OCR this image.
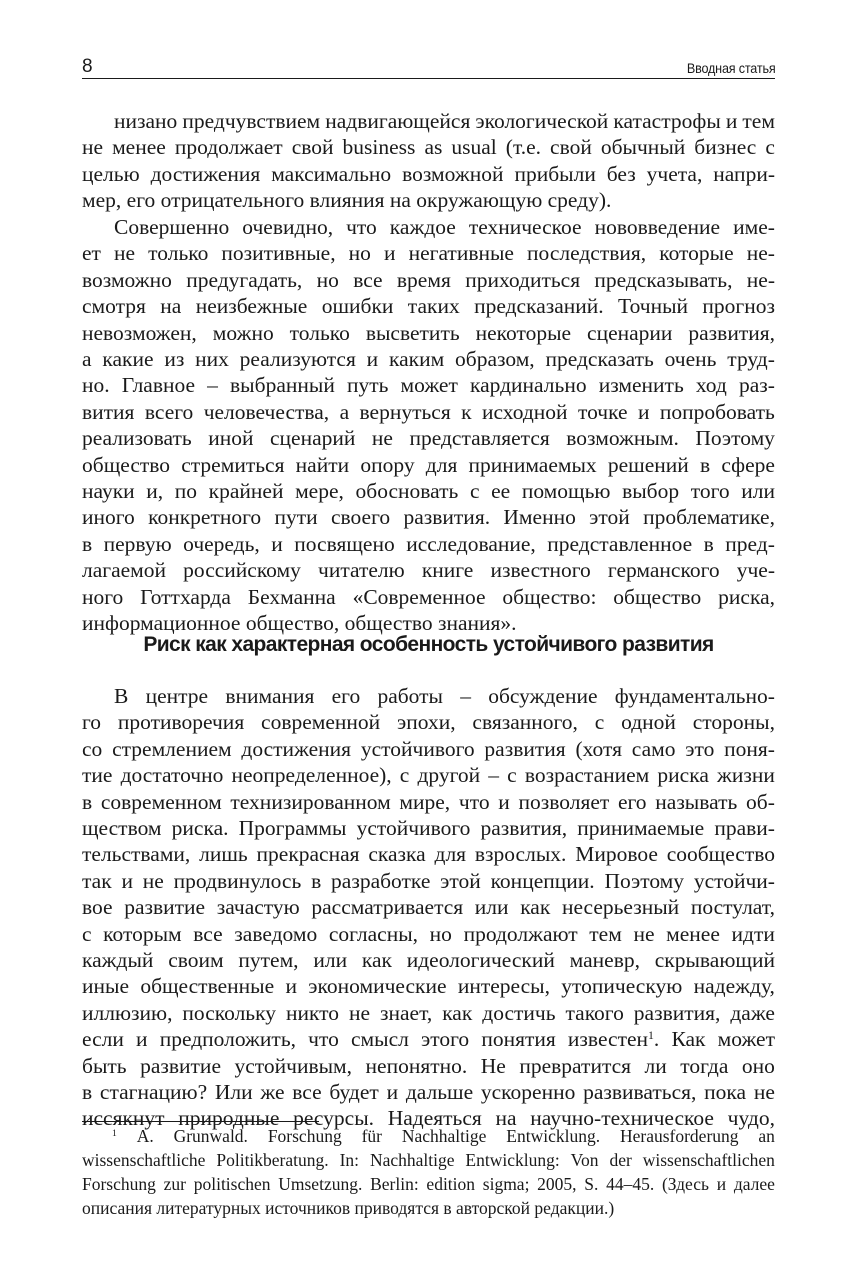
8	Вводная статья
низано предчувствием надвигающейся экологической катастрофы и тем
не менее продолжает свой business as usual (т.е. свой обычный бизнес с
целью достижения максимально возможной прибыли без учета, напри-
мер, его отрицательного влияния на окружающую среду).
Совершенно очевидно, что каждое техническое нововведение име-
ет не только позитивные, но и негативные последствия, которые не-
возможно предугадать, но все время приходиться предсказывать, не-
смотря на неизбежные ошибки таких предсказаний. Точный прогноз
невозможен, можно только высветить некоторые сценарии развития,
а какие из них реализуются и каким образом, предсказать очень труд-
но. Главное – выбранный путь может кардинально изменить ход раз-
вития всего человечества, а вернуться к исходной точке и попробовать
реализовать иной сценарий не представляется возможным. Поэтому
общество стремиться найти опору для принимаемых решений в сфере
науки и, по крайней мере, обосновать с ее помощью выбор того или
иного конкретного пути своего развития. Именно этой проблематике,
в первую очередь, и посвящено исследование, представленное в пред-
лагаемой российскому читателю книге известного германского уче-
ного Готтхарда Бехманна «Современное общество: общество риска,
информационное общество, общество знания».
В центре внимания его работы – обсуждение фундаментально-
го противоречия современной эпохи, связанного, с одной стороны,
со стремлением достижения устойчивого развития (хотя само это поня-
тие достаточно неопределенное), с другой – с возрастанием риска жизни
в современном технизированном мире, что и позволяет его называть об-
ществом риска. Программы устойчивого развития, принимаемые прави-
тельствами, лишь прекрасная сказка для взрослых. Мировое сообщество
так и не продвинулось в разработке этой концепции. Поэтому устойчи-
вое развитие зачастую рассматривается или как несерьезный постулат,
с которым все заведомо согласны, но продолжают тем не менее идти
каждый своим путем, или как идеологический маневр, скрывающий
иные общественные и экономические интересы, утопическую надежду,
иллюзию, поскольку никто не знает, как достичь такого развития, даже
если и предположить, что смысл этого понятия известен$^1$. Как может
быть развитие устойчивым, непонятно. Не превратится ли тогда оно
в стагнацию? Или же все будет и дальше ускоренно развиваться, пока не
иссякнут природные ресурсы. Надеяться на научно-техническое чудо,
Риск как характерная особенность устойчивого развития
$^1$ A. Grunwald. Forschung für Nachhaltige Entwicklung. Herausforderung an
wissenschaftliche Politikberatung. In: Nachhaltige Entwicklung: Von der wissenschaftlichen
Forschung zur politischen Umsetzung. Berlin: edition sigma; 2005, S. 44–45. (Здесь и далее
описания литературных источников приводятся в авторской редакции.)
